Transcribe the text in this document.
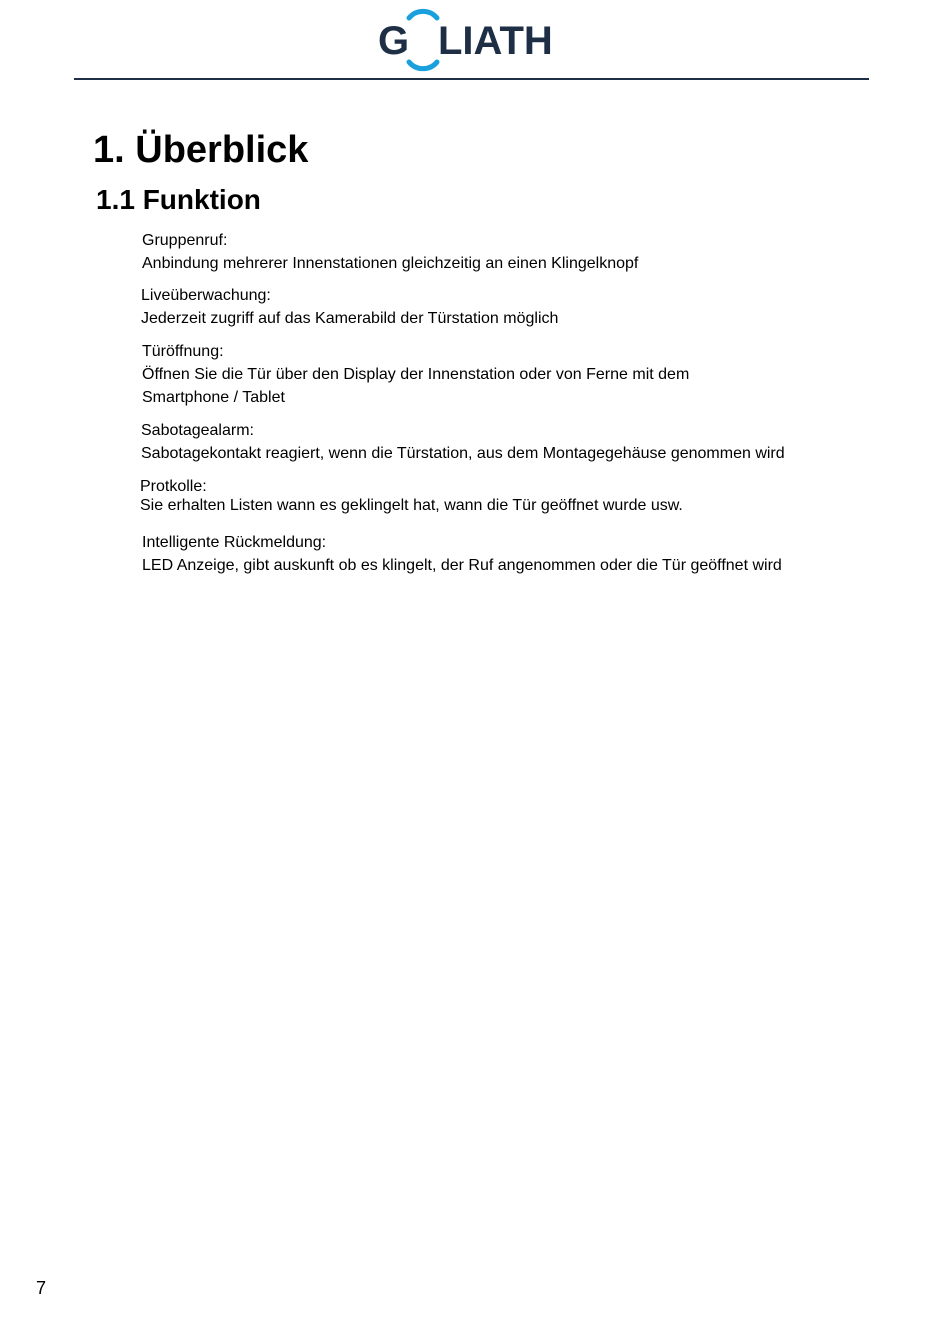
G LIATH
1. Überblick
1.1 Funktion
Gruppenruf:
Anbindung mehrerer Innenstationen gleichzeitig an einen Klingelknopf
Liveüberwachung:
Jederzeit zugriff auf das Kamerabild der Türstation möglich
Türöffnung:
Öffnen Sie die Tür über den Display der Innenstation oder von Ferne mit dem
Smartphone / Tablet
Sabotagealarm:
Sabotagekontakt reagiert, wenn die Türstation, aus dem Montagegehäuse genommen wird
Protkolle:
Sie erhalten Listen wann es geklingelt hat, wann die Tür geöffnet wurde usw.
Intelligente Rückmeldung:
LED Anzeige, gibt auskunft ob es klingelt, der Ruf angenommen oder die Tür geöffnet wird
7
